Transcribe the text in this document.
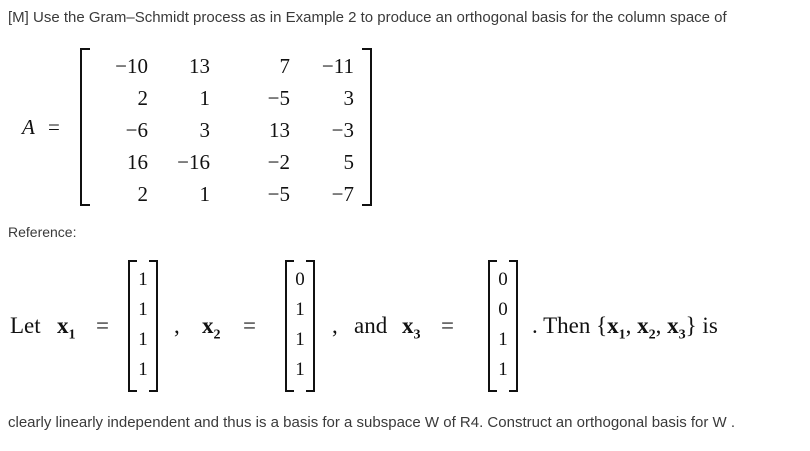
[M] Use the Gram–Schmidt process as in Example 2 to produce an orthogonal basis for the column space of
A =
−10	13	7	−11
2	1	−5	3
−6	3	13	−3
16	−16	−2	5
2	1	−5	−7
Reference:
Let $x_1$ =
1
1
1
1
, $x_2$ =
0
1
1
1
, and $x_3$ =
0
0
1
1
. Then {$x_1$, $x_2$, $x_3$} is
clearly linearly independent and thus is a basis for a subspace W of R4. Construct an orthogonal basis for W .
